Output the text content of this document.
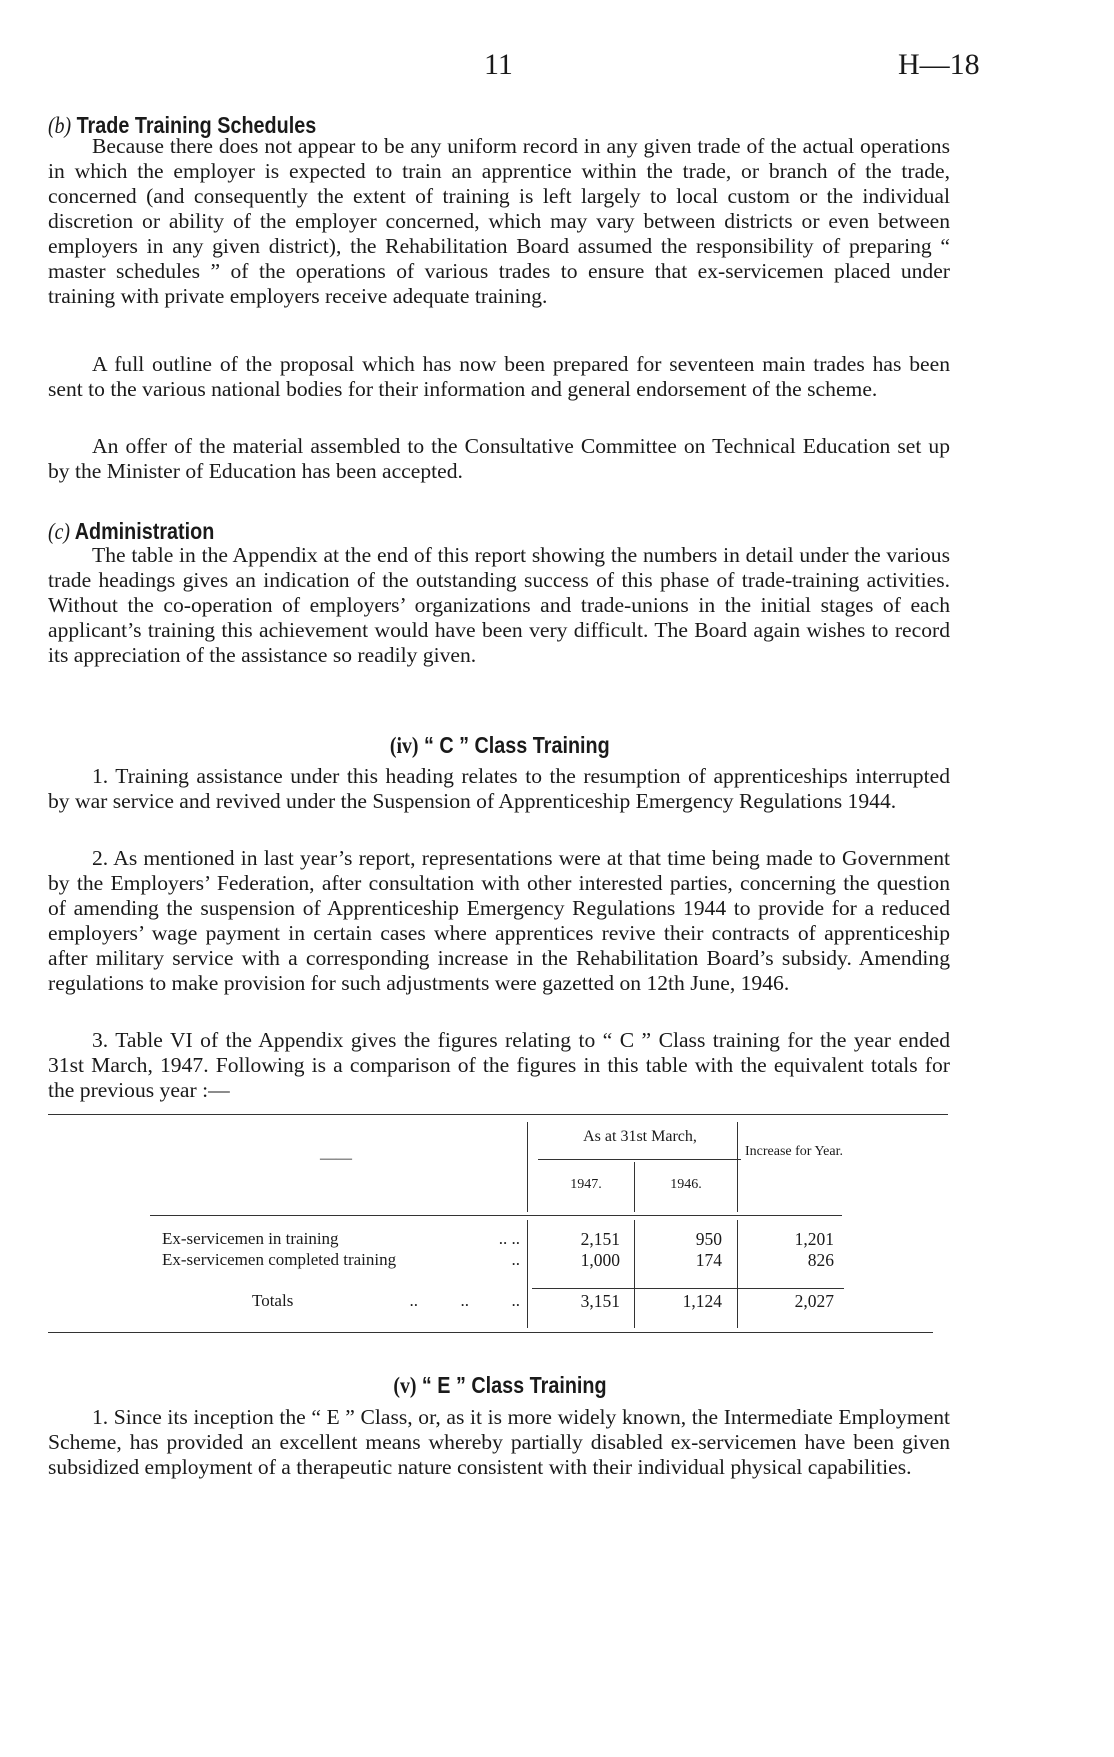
11	H—18
(b) Trade Training Schedules

Because there does not appear to be any uniform record in any given trade of the actual operations in which the employer is expected to train an apprentice within the trade, or branch of the trade, concerned (and consequently the extent of training is left largely to local custom or the individual discretion or ability of the employer concerned, which may vary between districts or even between employers in any given district), the Rehabilitation Board assumed the responsibility of preparing “ master schedules ” of the operations of various trades to ensure that ex-servicemen placed under training with private employers receive adequate training.

A full outline of the proposal which has now been prepared for seventeen main trades has been sent to the various national bodies for their information and general endorsement of the scheme.

An offer of the material assembled to the Consultative Committee on Technical Education set up by the Minister of Education has been accepted.

(c) Administration

The table in the Appendix at the end of this report showing the numbers in detail under the various trade headings gives an indication of the outstanding success of this phase of trade-training activities. Without the co-operation of employers’ organizations and trade-unions in the initial stages of each applicant’s training this achievement would have been very difficult. The Board again wishes to record its appreciation of the assistance so readily given.

(iv) “ C ” Class Training

1. Training assistance under this heading relates to the resumption of apprenticeships interrupted by war service and revived under the Suspension of Apprenticeship Emergency Regulations 1944.

2. As mentioned in last year’s report, representations were at that time being made to Government by the Employers’ Federation, after consultation with other interested parties, concerning the question of amending the suspension of Apprenticeship Emergency Regulations 1944 to provide for a reduced employers’ wage payment in certain cases where apprentices revive their contracts of apprenticeship after military service with a corresponding increase in the Rehabilitation Board’s subsidy. Amending regulations to make provision for such adjustments were gazetted on 12th June, 1946.

3. Table VI of the Appendix gives the figures relating to “ C ” Class training for the year ended 31st March, 1947. Following is a comparison of the figures in this table with the equivalent totals for the previous year :—

——
As at 31st March,
1947.	1946.
Increase for Year.
Ex-servicemen in training	.. ..	2,151	950	1,201
Ex-servicemen completed training	..	1,000	174	826
Totals	..          ..          ..	3,151	1,124	2,027
(v) “ E ” Class Training

1. Since its inception the “ E ” Class, or, as it is more widely known, the Intermediate Employment Scheme, has provided an excellent means whereby partially disabled ex-servicemen have been given subsidized employment of a therapeutic nature consistent with their individual physical capabilities.
